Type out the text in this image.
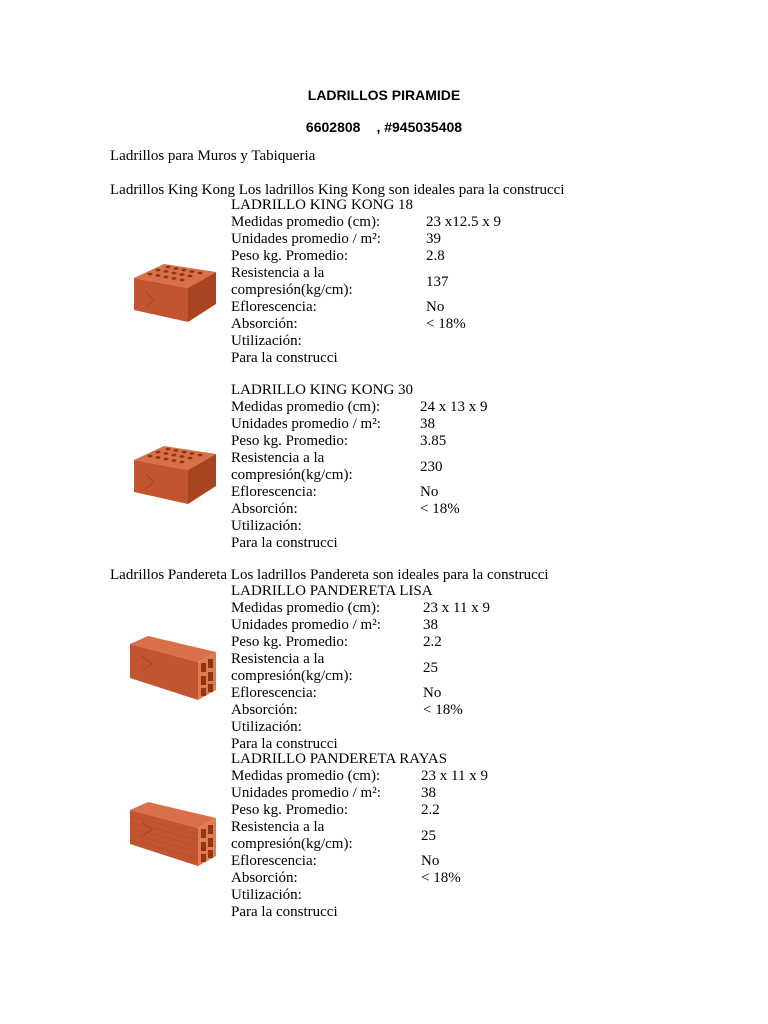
LADRILLOS PIRAMIDE
6602808 , #945035408
Ladrillos para Muros y Tabiqueria
Ladrillos King Kong Los ladrillos King Kong son ideales para la construcci
LADRILLO KING KONG 18
Medidas promedio (cm):	23 x12.5 x 9
Unidades promedio / m²:	39
Peso kg. Promedio:	2.8
Resistencia a la
compresión(kg/cm):	137
Eflorescencia:	No
Absorción:	< 18%
Utilización:
Para la construcci
LADRILLO KING KONG 30
Medidas promedio (cm):	24 x 13 x 9
Unidades promedio / m²:	38
Peso kg. Promedio:	3.85
Resistencia a la
compresión(kg/cm):	230
Eflorescencia:	No
Absorción:	< 18%
Utilización:
Para la construcci
Ladrillos Pandereta Los ladrillos Pandereta son ideales para la construcci
LADRILLO PANDERETA LISA
Medidas promedio (cm):	23 x 11 x 9
Unidades promedio / m²:	38
Peso kg. Promedio:	2.2
Resistencia a la
compresión(kg/cm):	25
Eflorescencia:	No
Absorción:	< 18%
Utilización:
Para la construcci
LADRILLO PANDERETA RAYAS
Medidas promedio (cm):	23 x 11 x 9
Unidades promedio / m²:	38
Peso kg. Promedio:	2.2
Resistencia a la
compresión(kg/cm):	25
Eflorescencia:	No
Absorción:	< 18%
Utilización:
Para la construcci
